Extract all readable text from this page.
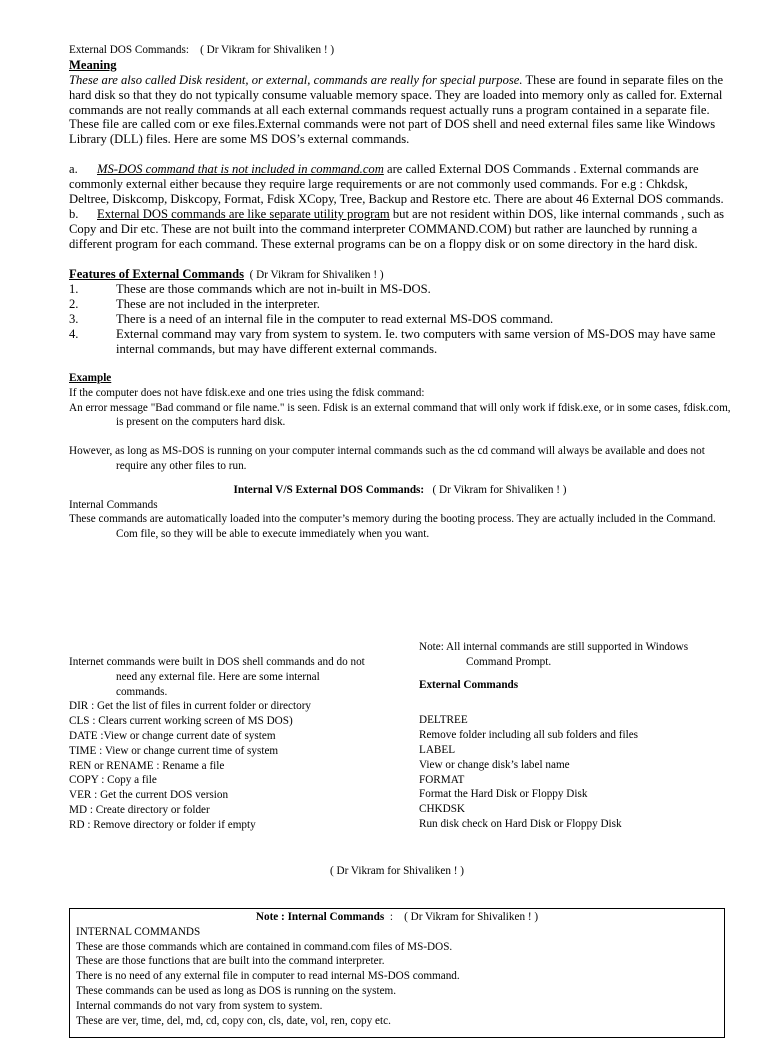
External DOS Commands:    ( Dr Vikram for Shivaliken ! )

Meaning

These are also called Disk resident, or external, commands are really for special purpose. These are found in separate files on the hard disk so that they do not typically consume valuable memory space. They are loaded into memory only as called for. External commands are not really commands at all each external commands request actually runs a program contained in a separate file. These file are called com or exe files.External commands were not part of DOS shell and need external files same like Windows Library (DLL) files. Here are some MS DOS’s external commands.

a. MS-DOS command that is not included in command.com are called External DOS Commands . External commands are commonly external either because they require large requirements or are not commonly used commands. For e.g : Chkdsk, Deltree, Diskcomp, Diskcopy, Format, Fdisk XCopy, Tree, Backup and Restore etc. There are about 46 External DOS commands.

b. External DOS commands are like separate utility program but are not resident within DOS, like internal commands , such as Copy and Dir etc. These are not built into the command interpreter COMMAND.COM) but rather are launched by running a different program for each command. These external programs can be on a floppy disk or on some directory in the hard disk.

Features of External Commands  ( Dr Vikram for Shivaliken ! )

1.	These are those commands which are not in-built in MS-DOS.
2.	These are not included in the interpreter.
3.	There is a need of an internal file in the computer to read external MS-DOS command.
4.	External command may vary from system to system. Ie. two computers with same version of MS-DOS may have same internal commands, but may have different external commands.

Example

If the computer does not have fdisk.exe and one tries using the fdisk command:

An error message "Bad command or file name." is seen. Fdisk is an external command that will only work if fdisk.exe, or in some cases, fdisk.com, is present on the computers hard disk.

However, as long as MS-DOS is running on your computer internal commands such as the cd command will always be available and does not require any other files to run.

Internal V/S External DOS Commands:   ( Dr Vikram for Shivaliken ! )

Internal Commands

These commands are automatically loaded into the computer’s memory during the booting process. They are actually included in the Command. Com file, so they will be able to execute immediately when you want.

Internet commands were built in DOS shell commands and do not need any external file. Here are some internal commands.

DIR : Get the list of files in current folder or directory

CLS : Clears current working screen of MS DOS)

DATE :View or change current date of system

TIME : View or change current time of system

REN or RENAME : Rename a file

COPY : Copy a file

VER : Get the current DOS version

MD : Create directory or folder

RD : Remove directory or folder if empty

Note: All internal commands are still supported in Windows Command Prompt.

External Commands

DELTREE

Remove folder including all sub folders and files

LABEL

View or change disk’s label name

FORMAT

Format the Hard Disk or Floppy Disk

CHKDSK

Run disk check on Hard Disk or Floppy Disk

( Dr Vikram for Shivaliken ! )

Note : Internal Commands  :    ( Dr Vikram for Shivaliken ! )

INTERNAL COMMANDS

These are those commands which are contained in command.com files of MS-DOS.

These are those functions that are built into the command interpreter.

There is no need of any external file in computer to read internal MS-DOS command.

These commands can be used as long as DOS is running on the system.

Internal commands do not vary from system to system.

These are ver, time, del, md, cd, copy con, cls, date, vol, ren, copy etc.
